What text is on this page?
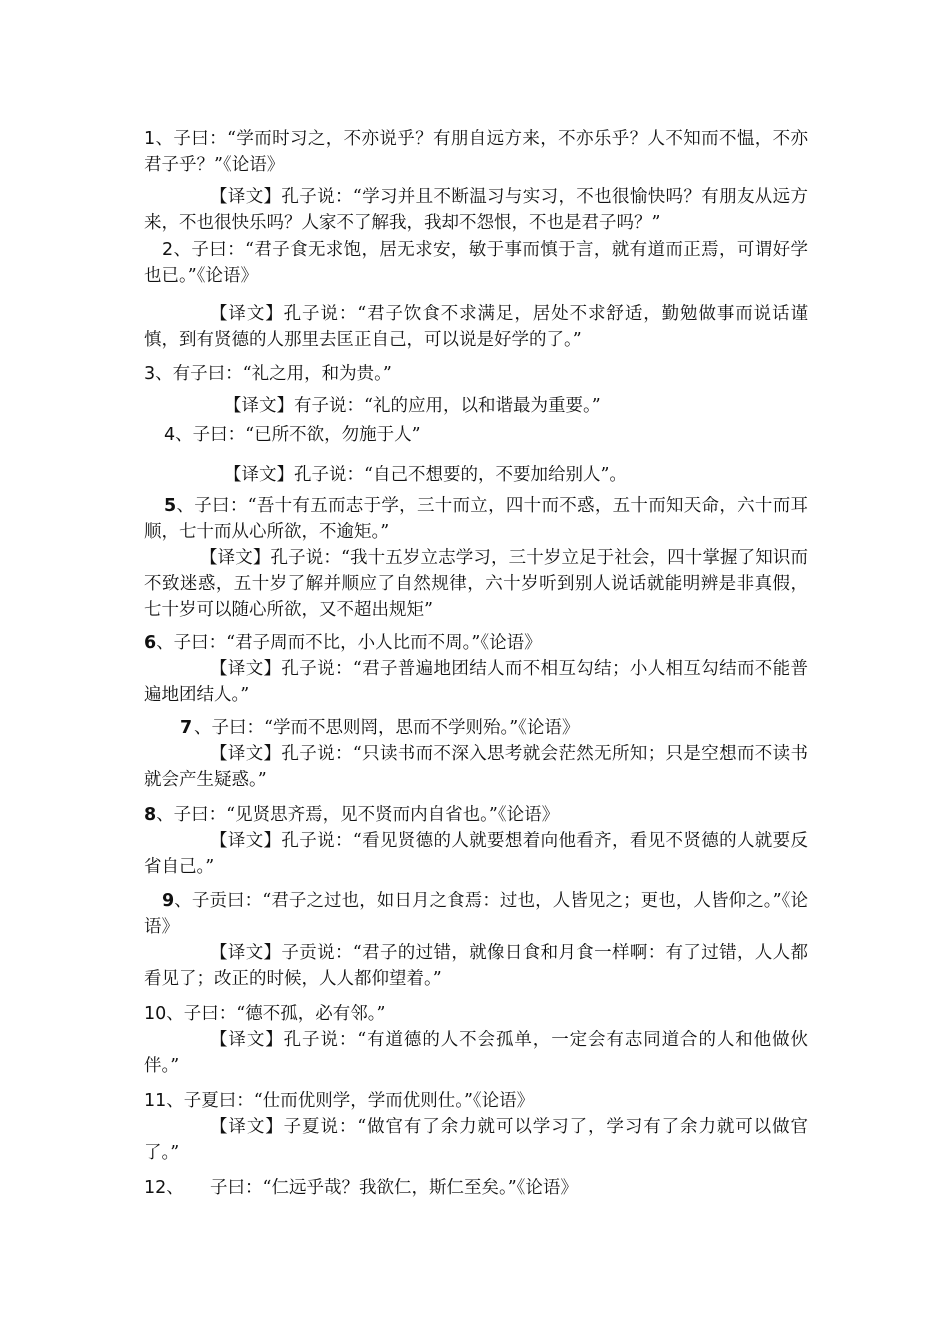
1、子曰：“学而时习之，不亦说乎？有朋自远方来，不亦乐乎？人不知而不愠，不亦君子乎？”《论语》

【译文】孔子说：“学习并且不断温习与实习，不也很愉快吗？有朋友从远方来，不也很快乐吗？人家不了解我，我却不怨恨，不也是君子吗？”

2、子曰：“君子食无求饱，居无求安，敏于事而慎于言，就有道而正焉，可谓好学也已。”《论语》

【译文】孔子说：“君子饮食不求满足，居处不求舒适，勤勉做事而说话谨慎，到有贤德的人那里去匡正自己，可以说是好学的了。”

3、有子曰：“礼之用，和为贵。”

【译文】有子说：“礼的应用，以和谐最为重要。”

4、子曰：“已所不欲，勿施于人”

【译文】孔子说：“自己不想要的，不要加给别人”。

5、子曰：“吾十有五而志于学，三十而立，四十而不惑，五十而知天命，六十而耳顺，七十而从心所欲，不逾矩。”

【译文】孔子说：“我十五岁立志学习，三十岁立足于社会，四十掌握了知识而不致迷惑，五十岁了解并顺应了自然规律，六十岁听到别人说话就能明辨是非真假，七十岁可以随心所欲，又不超出规矩”

6、子曰：“君子周而不比，小人比而不周。”《论语》

【译文】孔子说：“君子普遍地团结人而不相互勾结；小人相互勾结而不能普遍地团结人。”

7 、子曰：“学而不思则罔，思而不学则殆。”《论语》

【译文】孔子说：“只读书而不深入思考就会茫然无所知；只是空想而不读书就会产生疑惑。”

8、子曰：“见贤思齐焉，见不贤而内自省也。”《论语》

【译文】孔子说：“看见贤德的人就要想着向他看齐，看见不贤德的人就要反省自己。”

9、子贡曰：“君子之过也，如日月之食焉：过也，人皆见之；更也，人皆仰之。”《论语》

【译文】子贡说：“君子的过错，就像日食和月食一样啊：有了过错，人人都看见了；改正的时候，人人都仰望着。”

10、子曰：“德不孤，必有邻。”

【译文】孔子说：“有道德的人不会孤单，一定会有志同道合的人和他做伙伴。”

11、子夏曰：“仕而优则学，学而优则仕。”《论语》

【译文】子夏说：“做官有了余力就可以学习了，学习有了余力就可以做官了。”

12、　　子曰：“仁远乎哉？我欲仁，斯仁至矣。”《论语》
